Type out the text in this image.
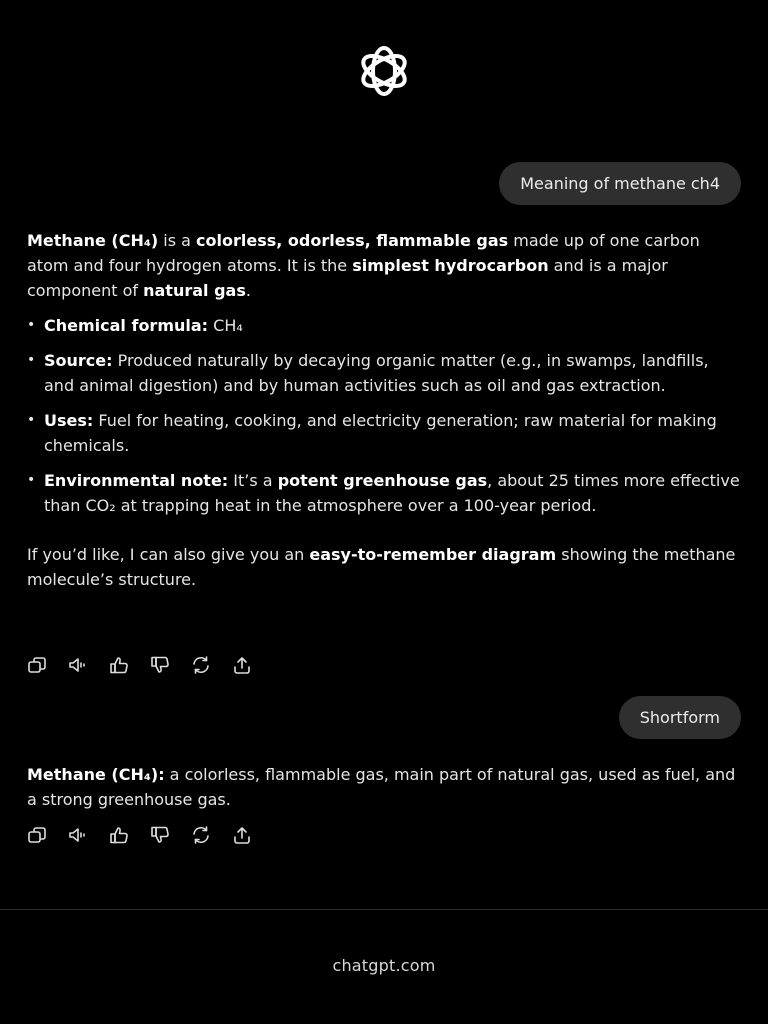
Meaning of methane ch4

Methane (CH₄) is a colorless, odorless, flammable gas made up of one carbon atom and four hydrogen atoms. It is the simplest hydrocarbon and is a major component of natural gas.

• Chemical formula: CH₄
• Source: Produced naturally by decaying organic matter (e.g., in swamps, landfills, and animal digestion) and by human activities such as oil and gas extraction.
• Uses: Fuel for heating, cooking, and electricity generation; raw material for making chemicals.
• Environmental note: It’s a potent greenhouse gas, about 25 times more effective than CO₂ at trapping heat in the atmosphere over a 100-year period.

If you’d like, I can also give you an easy-to-remember diagram showing the methane molecule’s structure.

Shortform

Methane (CH₄): a colorless, flammable gas, main part of natural gas, used as fuel, and a strong greenhouse gas.

chatgpt.com
